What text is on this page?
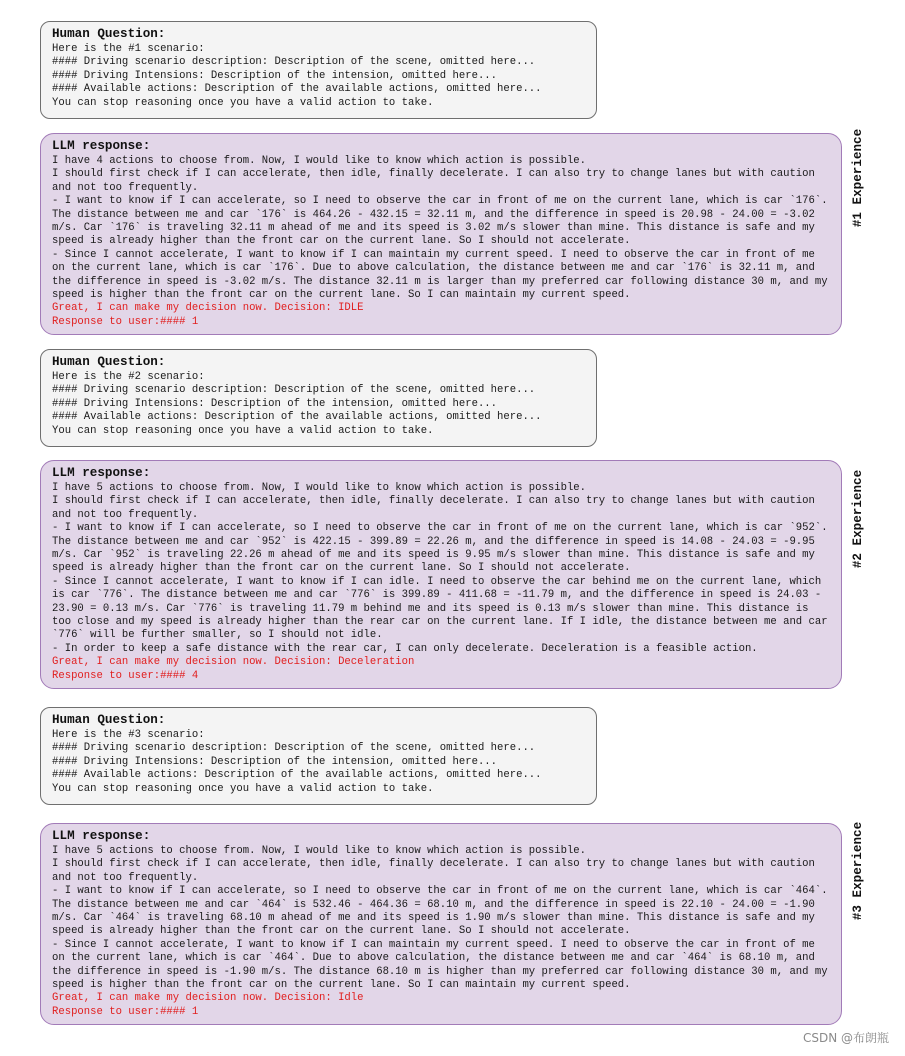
Human Question:
Here is the #1 scenario:
#### Driving scenario description: Description of the scene, omitted here...
#### Driving Intensions: Description of the intension, omitted here...
#### Available actions: Description of the available actions, omitted here...
You can stop reasoning once you have a valid action to take.
LLM response:
I have 4 actions to choose from. Now, I would like to know which action is possible.
I should first check if I can accelerate, then idle, finally decelerate. I can also try to change lanes but with caution and not too frequently.
- I want to know if I can accelerate, so I need to observe the car in front of me on the current lane, which is car `176`. The distance between me and car `176` is 464.26 - 432.15 = 32.11 m, and the difference in speed is 20.98 - 24.00 = -3.02 m/s. Car `176` is traveling 32.11 m ahead of me and its speed is 3.02 m/s slower than mine. This distance is safe and my speed is already higher than the front car on the current lane. So I should not accelerate.
- Since I cannot accelerate, I want to know if I can maintain my current speed. I need to observe the car in front of me on the current lane, which is car `176`. Due to above calculation, the distance between me and car `176` is 32.11 m, and the difference in speed is -3.02 m/s. The distance 32.11 m is larger than my preferred car following distance 30 m, and my speed is higher than the front car on the current lane. So I can maintain my current speed.
Great, I can make my decision now. Decision: IDLE
Response to user:#### 1
#1 Experience
Human Question:
Here is the #2 scenario:
#### Driving scenario description: Description of the scene, omitted here...
#### Driving Intensions: Description of the intension, omitted here...
#### Available actions: Description of the available actions, omitted here...
You can stop reasoning once you have a valid action to take.
LLM response:
I have 5 actions to choose from. Now, I would like to know which action is possible.
I should first check if I can accelerate, then idle, finally decelerate. I can also try to change lanes but with caution and not too frequently.
- I want to know if I can accelerate, so I need to observe the car in front of me on the current lane, which is car `952`. The distance between me and car `952` is 422.15 - 399.89 = 22.26 m, and the difference in speed is 14.08 - 24.03 = -9.95 m/s. Car `952` is traveling 22.26 m ahead of me and its speed is 9.95 m/s slower than mine. This distance is safe and my speed is already higher than the front car on the current lane. So I should not accelerate.
- Since I cannot accelerate, I want to know if I can idle. I need to observe the car behind me on the current lane, which is car `776`. The distance between me and car `776` is 399.89 - 411.68 = -11.79 m, and the difference in speed is 24.03 - 23.90 = 0.13 m/s. Car `776` is traveling 11.79 m behind me and its speed is 0.13 m/s slower than mine. This distance is too close and my speed is already higher than the rear car on the current lane. If I idle, the distance between me and car `776` will be further smaller, so I should not idle.
- In order to keep a safe distance with the rear car, I can only decelerate. Deceleration is a feasible action.
Great, I can make my decision now. Decision: Deceleration
Response to user:#### 4
#2 Experience
Human Question:
Here is the #3 scenario:
#### Driving scenario description: Description of the scene, omitted here...
#### Driving Intensions: Description of the intension, omitted here...
#### Available actions: Description of the available actions, omitted here...
You can stop reasoning once you have a valid action to take.
LLM response:
I have 5 actions to choose from. Now, I would like to know which action is possible.
I should first check if I can accelerate, then idle, finally decelerate. I can also try to change lanes but with caution and not too frequently.
- I want to know if I can accelerate, so I need to observe the car in front of me on the current lane, which is car `464`. The distance between me and car `464` is 532.46 - 464.36 = 68.10 m, and the difference in speed is 22.10 - 24.00 = -1.90 m/s. Car `464` is traveling 68.10 m ahead of me and its speed is 1.90 m/s slower than mine. This distance is safe and my speed is already higher than the front car on the current lane. So I should not accelerate.
- Since I cannot accelerate, I want to know if I can maintain my current speed. I need to observe the car in front of me on the current lane, which is car `464`. Due to above calculation, the distance between me and car `464` is 68.10 m, and the difference in speed is -1.90 m/s. The distance 68.10 m is higher than my preferred car following distance 30 m, and my speed is higher than the front car on the current lane. So I can maintain my current speed.
Great, I can make my decision now. Decision: Idle
Response to user:#### 1
#3 Experience
CSDN @布朗瓶
